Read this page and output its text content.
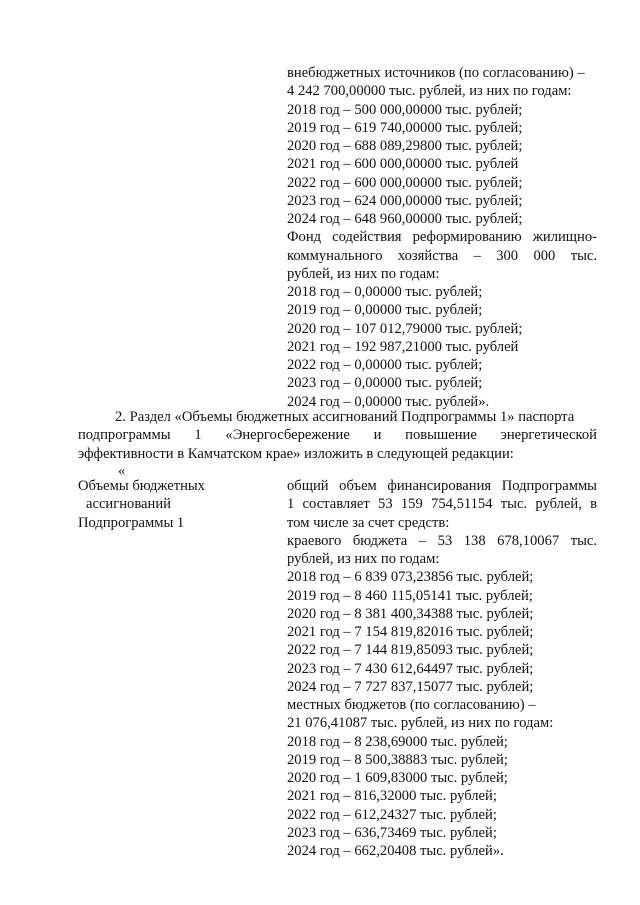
внебюджетных источников (по согласованию) –
4 242 700,00000 тыс. рублей, из них по годам:
2018 год – 500 000,00000 тыс. рублей;
2019 год – 619 740,00000 тыс. рублей;
2020 год – 688 089,29800 тыс. рублей;
2021 год – 600 000,00000 тыс. рублей
2022 год – 600 000,00000 тыс. рублей;
2023 год – 624 000,00000 тыс. рублей;
2024 год – 648 960,00000 тыс. рублей;
Фонд содействия реформированию жилищно-
коммунального хозяйства – 300 000 тыс.
рублей, из них по годам:
2018 год – 0,00000 тыс. рублей;
2019 год – 0,00000 тыс. рублей;
2020 год – 107 012,79000 тыс. рублей;
2021 год – 192 987,21000 тыс. рублей
2022 год – 0,00000 тыс. рублей;
2023 год – 0,00000 тыс. рублей;
2024 год – 0,00000 тыс. рублей».
2. Раздел «Объемы бюджетных ассигнований Подпрограммы 1» паспорта
подпрограммы 1 «Энергосбережение и повышение энергетической
эффективности в Камчатском крае» изложить в следующей редакции:
«
Объемы бюджетных
ассигнований
Подпрограммы 1
общий объем финансирования Подпрограммы
1 составляет 53 159 754,51154 тыс. рублей, в
том числе за счет средств:
краевого бюджета – 53 138 678,10067 тыс.
рублей, из них по годам:
2018 год – 6 839 073,23856 тыс. рублей;
2019 год – 8 460 115,05141 тыс. рублей;
2020 год – 8 381 400,34388 тыс. рублей;
2021 год – 7 154 819,82016 тыс. рублей;
2022 год – 7 144 819,85093 тыс. рублей;
2023 год – 7 430 612,64497 тыс. рублей;
2024 год – 7 727 837,15077 тыс. рублей;
местных бюджетов (по согласованию) –
21 076,41087 тыс. рублей, из них по годам:
2018 год – 8 238,69000 тыс. рублей;
2019 год – 8 500,38883 тыс. рублей;
2020 год – 1 609,83000 тыс. рублей;
2021 год – 816,32000 тыс. рублей;
2022 год – 612,24327 тыс. рублей;
2023 год – 636,73469 тыс. рублей;
2024 год – 662,20408 тыс. рублей».
